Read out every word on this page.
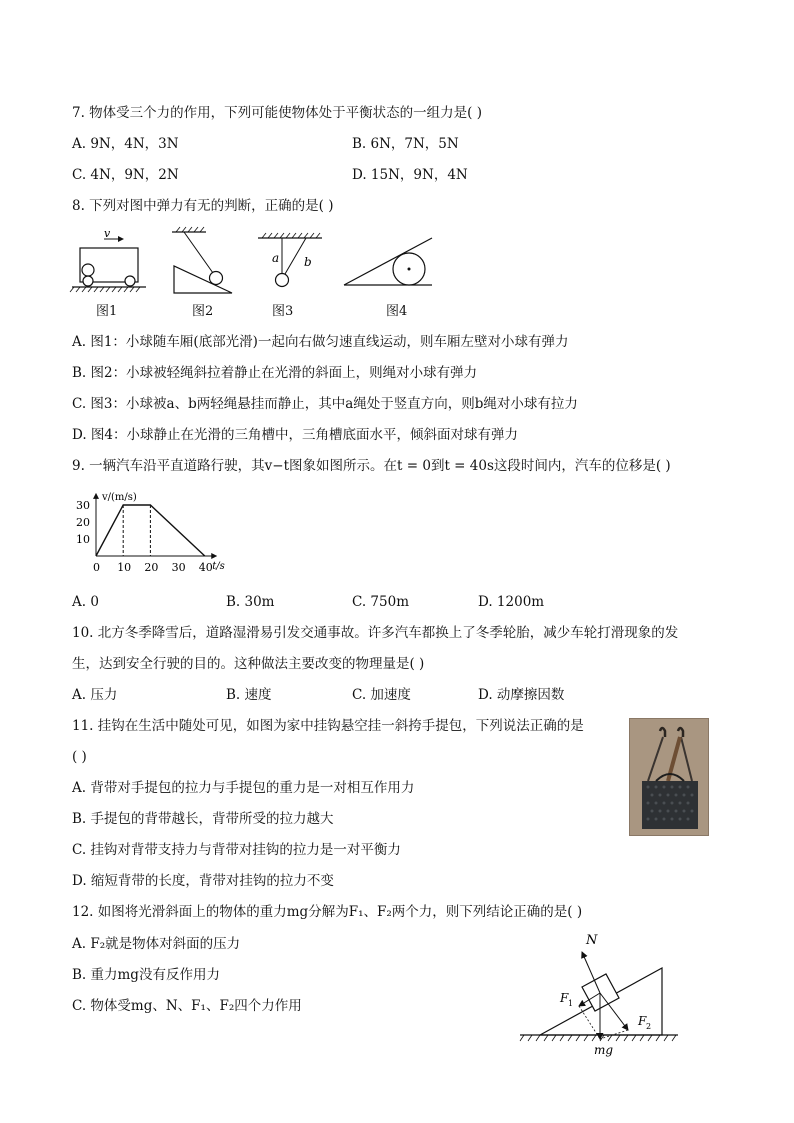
7. 物体受三个力的作用，下列可能使物体处于平衡状态的一组力是( )
A. 9N，4N，3N	B. 6N，7N，5N
C. 4N，9N，2N	D. 15N，9N，4N
8. 下列对图中弹力有无的判断，正确的是( )
v
a b
图1	图2	图3	图4
A. 图1：小球随车厢(底部光滑)一起向右做匀速直线运动，则车厢左壁对小球有弹力
B. 图2：小球被轻绳斜拉着静止在光滑的斜面上，则绳对小球有弹力
C. 图3：小球被a、b两轻绳悬挂而静止，其中a绳处于竖直方向，则b绳对小球有拉力
D. 图4：小球静止在光滑的三角槽中，三角槽底面水平，倾斜面对球有弹力
9. 一辆汽车沿平直道路行驶，其v−t图象如图所示。在t = 0到t = 40s这段时间内，汽车的位移是( )
v/(m/s)
t/s
0 10 20 30 40
10
20
30
A. 0	B. 30m	C. 750m	D. 1200m
10. 北方冬季降雪后，道路湿滑易引发交通事故。许多汽车都换上了冬季轮胎，减少车轮打滑现象的发
生，达到安全行驶的目的。这种做法主要改变的物理量是( )
A. 压力	B. 速度	C. 加速度	D. 动摩擦因数
11. 挂钩在生活中随处可见，如图为家中挂钩悬空挂一斜挎手提包，下列说法正确的是
( )
A. 背带对手提包的拉力与手提包的重力是一对相互作用力
B. 手提包的背带越长，背带所受的拉力越大
C. 挂钩对背带支持力与背带对挂钩的拉力是一对平衡力
D. 缩短背带的长度，背带对挂钩的拉力不变
12. 如图将光滑斜面上的物体的重力mg分解为F₁、F₂两个力，则下列结论正确的是( )
A. F₂就是物体对斜面的压力
B. 重力mg没有反作用力
C. 物体受mg、N、F₁、F₂四个力作用
N
mg
F 1
F 2
